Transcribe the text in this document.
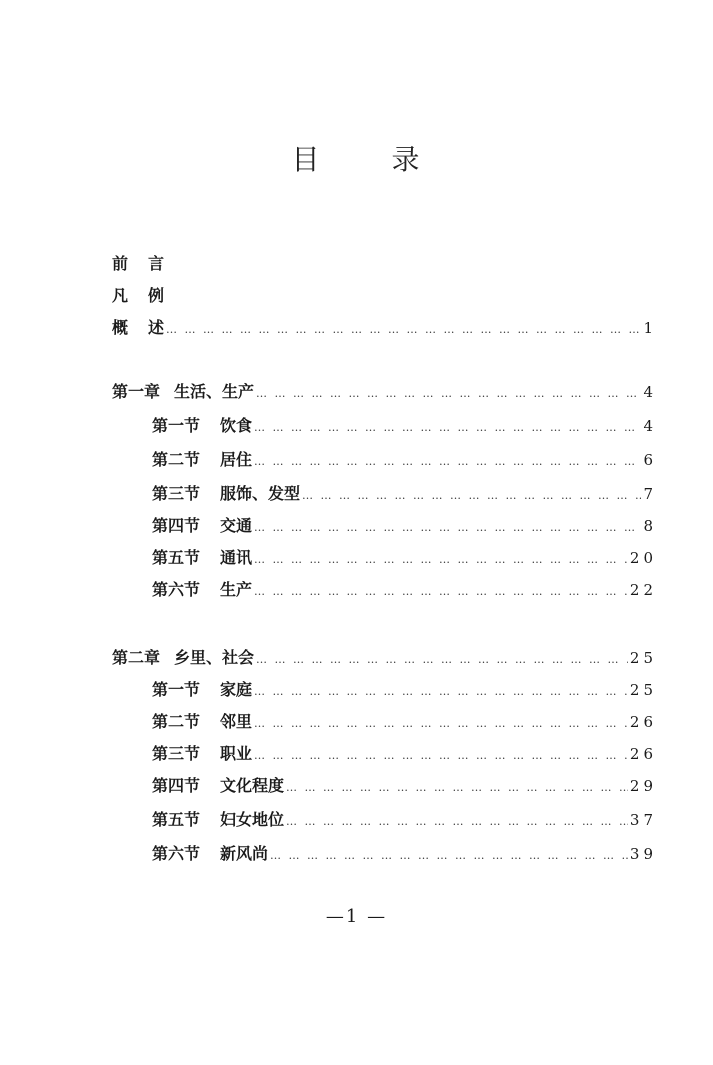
目	录
前 言
凡 例
概 述 … … … … … … … … … … … … … … … … … … … … … … … … … … … … … … … … … … … … … … … … … …	1
第一章 生活、生产 … … … … … … … … … … … … … … … … … … … … … … … … … … … … … … … … … … … … … … … … … …	4
第一节 饮食 … … … … … … … … … … … … … … … … … … … … … … … … … … … … … … … … … … … … … … … … … …	4
第二节 居住 … … … … … … … … … … … … … … … … … … … … … … … … … … … … … … … … … … … … … … … … … …	6
第三节 服饰、发型 … … … … … … … … … … … … … … … … … … … … … … … … … … … … … … … … … … … … … … … … … …	7
第四节 交通 … … … … … … … … … … … … … … … … … … … … … … … … … … … … … … … … … … … … … … … … … …	8
第五节 通讯 … … … … … … … … … … … … … … … … … … … … … … … … … … … … … … … … … … … … … … … … … …	20
第六节 生产 … … … … … … … … … … … … … … … … … … … … … … … … … … … … … … … … … … … … … … … … … …	22
第二章 乡里、社会 … … … … … … … … … … … … … … … … … … … … … … … … … … … … … … … … … … … … … … … … … …	25
第一节 家庭 … … … … … … … … … … … … … … … … … … … … … … … … … … … … … … … … … … … … … … … … … …	25
第二节 邻里 … … … … … … … … … … … … … … … … … … … … … … … … … … … … … … … … … … … … … … … … … …	26
第三节 职业 … … … … … … … … … … … … … … … … … … … … … … … … … … … … … … … … … … … … … … … … … …	26
第四节 文化程度 … … … … … … … … … … … … … … … … … … … … … … … … … … … … … … … … … … … … … … … … … …	29
第五节 妇女地位 … … … … … … … … … … … … … … … … … … … … … … … … … … … … … … … … … … … … … … … … … …	37
第六节 新风尚 … … … … … … … … … … … … … … … … … … … … … … … … … … … … … … … … … … … … … … … … … …	39
—1 —
